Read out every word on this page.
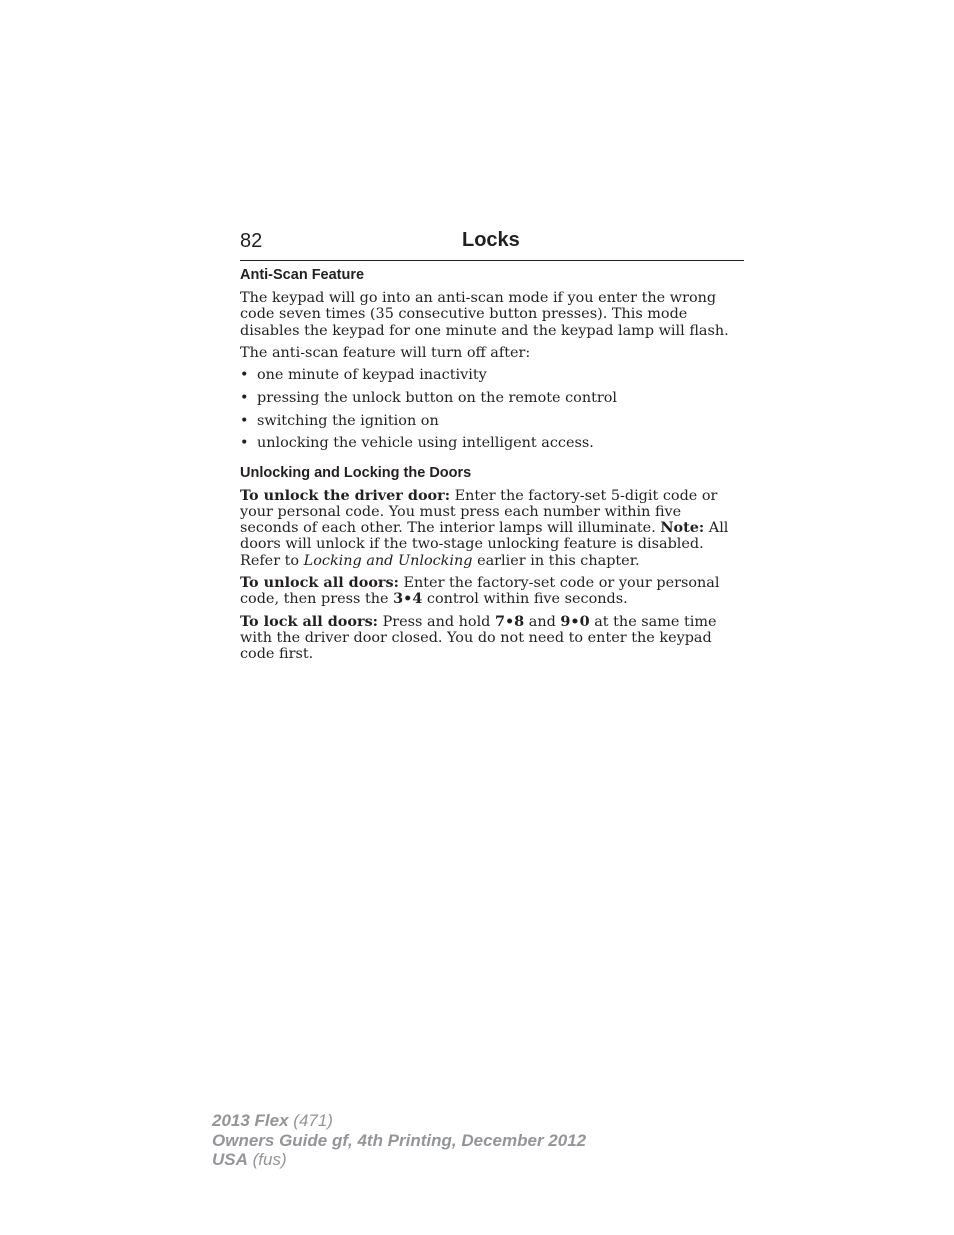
82	Locks
Anti-Scan Feature

The keypad will go into an anti-scan mode if you enter the wrong code seven times (35 consecutive button presses). This mode disables the keypad for one minute and the keypad lamp will flash.

The anti-scan feature will turn off after:

• one minute of keypad inactivity
• pressing the unlock button on the remote control
• switching the ignition on
• unlocking the vehicle using intelligent access.
Unlocking and Locking the Doors

To unlock the driver door: Enter the factory-set 5-digit code or your personal code. You must press each number within five seconds of each other. The interior lamps will illuminate. Note: All doors will unlock if the two-stage unlocking feature is disabled. Refer to Locking and Unlocking earlier in this chapter.

To unlock all doors: Enter the factory-set code or your personal code, then press the 3•4 control within five seconds.

To lock all doors: Press and hold 7•8 and 9•0 at the same time with the driver door closed. You do not need to enter the keypad code first.

2013 Flex (471)
Owners Guide gf, 4th Printing, December 2012
USA (fus)
